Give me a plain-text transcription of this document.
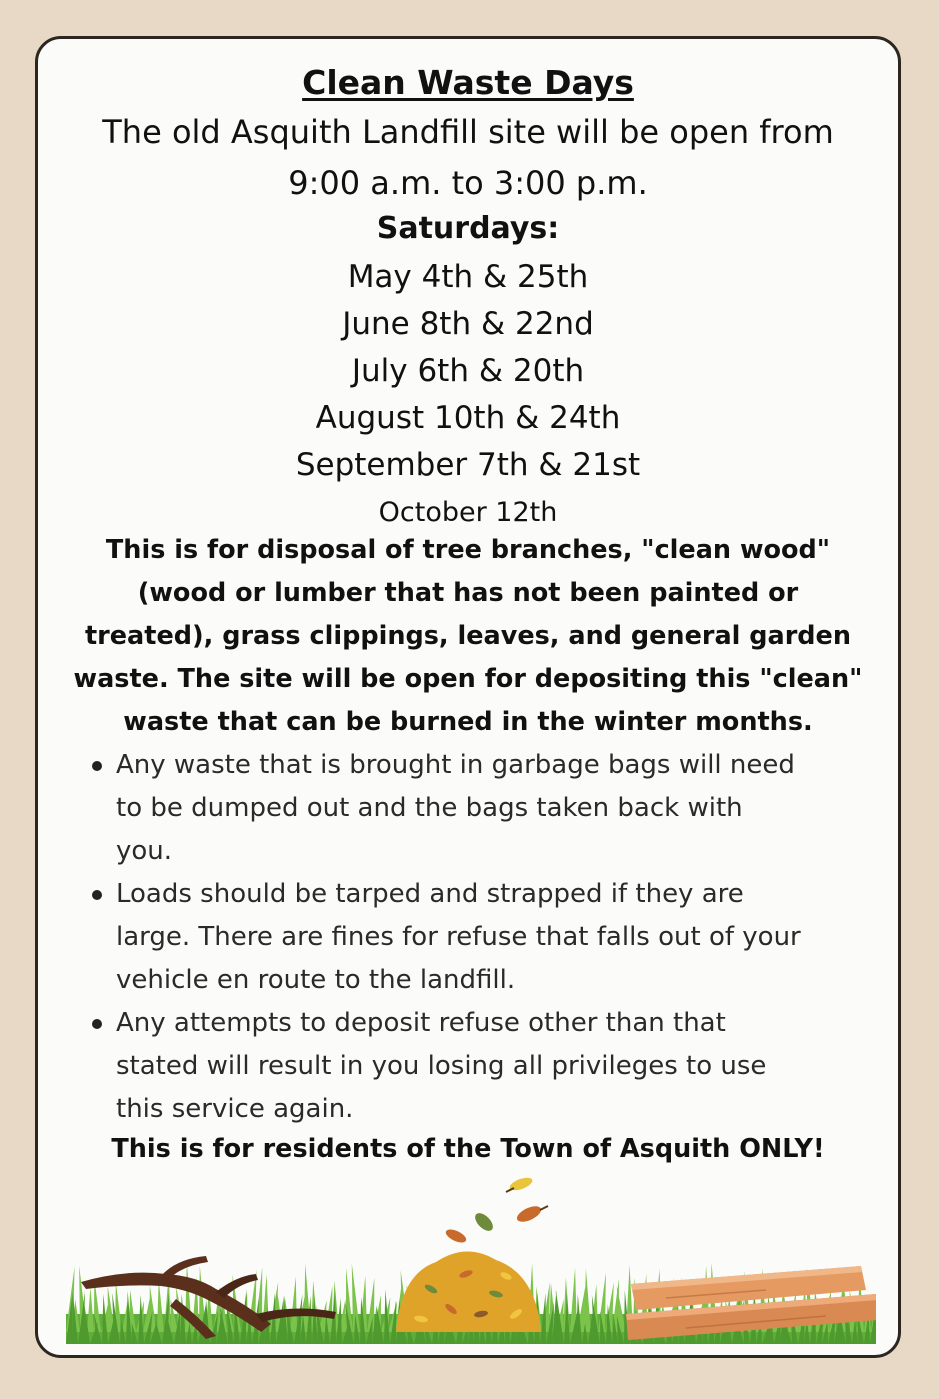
Clean Waste Days

The old Asquith Landfill site will be open from
9:00 a.m. to 3:00 p.m.

Saturdays:
May 4th & 25th
June 8th & 22nd
July 6th & 20th
August 10th & 24th
September 7th & 21st
October 12th

This is for disposal of tree branches, "clean wood"
(wood or lumber that has not been painted or
treated), grass clippings, leaves, and general garden
waste. The site will be open for depositing this "clean"
waste that can be burned in the winter months.

Any waste that is brought in garbage bags will need
to be dumped out and the bags taken back with
you.
Loads should be tarped and strapped if they are
large. There are fines for refuse that falls out of your
vehicle en route to the landfill.
Any attempts to deposit refuse other than that
stated will result in you losing all privileges to use
this service again.

This is for residents of the Town of Asquith ONLY!
